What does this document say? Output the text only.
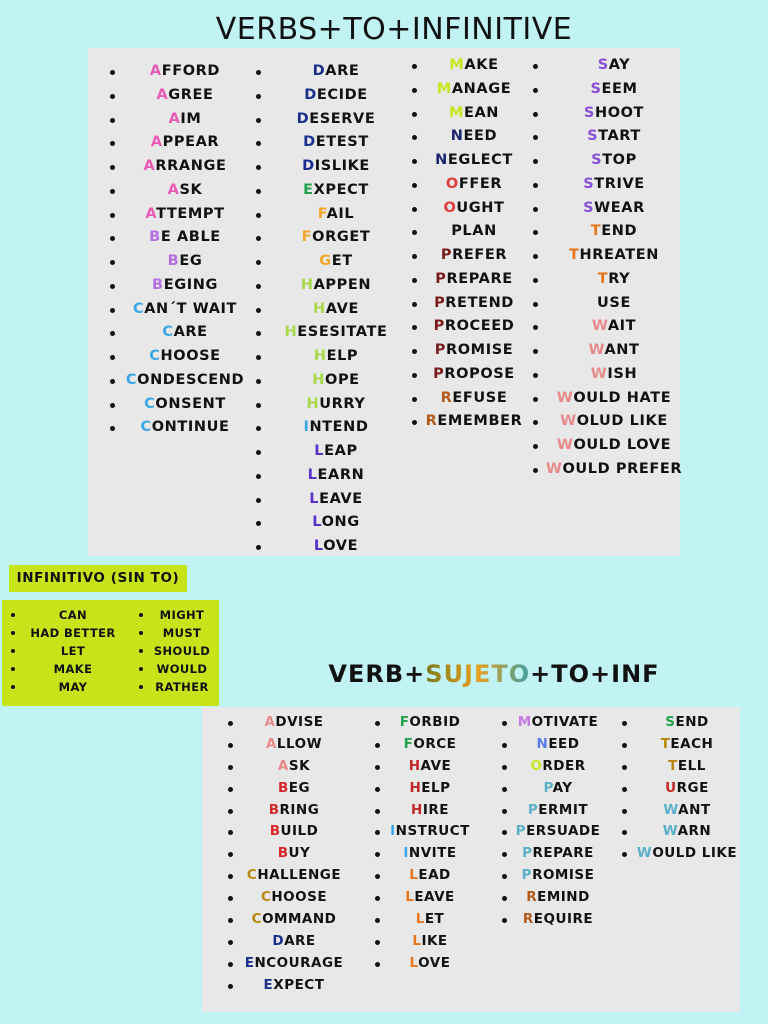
VERBS+TO+INFINITIVE
INFINITIVO (SIN TO)
VERB+SUJETO+TO+INF
AFFORD
AGREE
AIM
APPEAR
ARRANGE
ASK
ATTEMPT
BE ABLE
BEG
BEGING
CAN´T WAIT
CARE
CHOOSE
CONDESCEND
CONSENT
CONTINUE
DARE
DECIDE
DESERVE
DETEST
DISLIKE
EXPECT
FAIL
FORGET
GET
HAPPEN
HAVE
HESESITATE
HELP
HOPE
HURRY
INTEND
LEAP
LEARN
LEAVE
LONG
LOVE
MAKE
MANAGE
MEAN
NEED
NEGLECT
OFFER
OUGHT
PLAN
PREFER
PREPARE
PRETEND
PROCEED
PROMISE
PROPOSE
REFUSE
REMEMBER
SAY
SEEM
SHOOT
START
STOP
STRIVE
SWEAR
TEND
THREATEN
TRY
USE
WAIT
WANT
WISH
WOULD HATE
WOLUD LIKE
WOULD LOVE
WOULD PREFER
ADVISE
ALLOW
ASK
BEG
BRING
BUILD
BUY
CHALLENGE
CHOOSE
COMMAND
DARE
ENCOURAGE
EXPECT
FORBID
FORCE
HAVE
HELP
HIRE
INSTRUCT
INVITE
LEAD
LEAVE
LET
LIKE
LOVE
MOTIVATE
NEED
ORDER
PAY
PERMIT
PERSUADE
PREPARE
PROMISE
REMIND
REQUIRE
SEND
TEACH
TELL
URGE
WANT
WARN
WOULD LIKE
CAN
HAD BETTER
LET
MAKE
MAY
MIGHT
MUST
SHOULD
WOULD
RATHER
